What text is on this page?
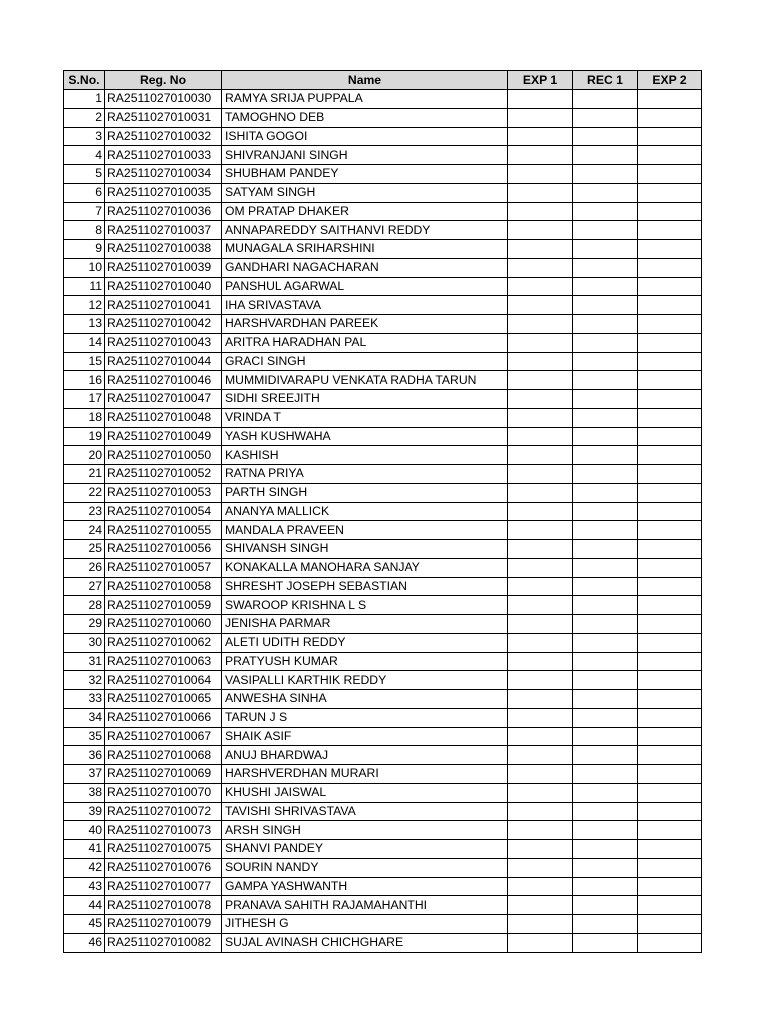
S.No.	Reg. No	Name	EXP 1	REC 1	EXP 2
1	RA2511027010030	RAMYA SRIJA PUPPALA			
2	RA2511027010031	TAMOGHNO DEB			
3	RA2511027010032	ISHITA GOGOI			
4	RA2511027010033	SHIVRANJANI SINGH			
5	RA2511027010034	SHUBHAM PANDEY			
6	RA2511027010035	SATYAM SINGH			
7	RA2511027010036	OM PRATAP DHAKER			
8	RA2511027010037	ANNAPAREDDY SAITHANVI REDDY			
9	RA2511027010038	MUNAGALA SRIHARSHINI			
10	RA2511027010039	GANDHARI NAGACHARAN			
11	RA2511027010040	PANSHUL AGARWAL			
12	RA2511027010041	IHA SRIVASTAVA			
13	RA2511027010042	HARSHVARDHAN PAREEK			
14	RA2511027010043	ARITRA HARADHAN PAL			
15	RA2511027010044	GRACI SINGH			
16	RA2511027010046	MUMMIDIVARAPU VENKATA RADHA TARUN			
17	RA2511027010047	SIDHI SREEJITH			
18	RA2511027010048	VRINDA T			
19	RA2511027010049	YASH KUSHWAHA			
20	RA2511027010050	KASHISH			
21	RA2511027010052	RATNA PRIYA			
22	RA2511027010053	PARTH SINGH			
23	RA2511027010054	ANANYA MALLICK			
24	RA2511027010055	MANDALA PRAVEEN			
25	RA2511027010056	SHIVANSH SINGH			
26	RA2511027010057	KONAKALLA MANOHARA SANJAY			
27	RA2511027010058	SHRESHT JOSEPH SEBASTIAN			
28	RA2511027010059	SWAROOP KRISHNA L S			
29	RA2511027010060	JENISHA PARMAR			
30	RA2511027010062	ALETI UDITH REDDY			
31	RA2511027010063	PRATYUSH KUMAR			
32	RA2511027010064	VASIPALLI KARTHIK REDDY			
33	RA2511027010065	ANWESHA SINHA			
34	RA2511027010066	TARUN J S			
35	RA2511027010067	SHAIK ASIF			
36	RA2511027010068	ANUJ BHARDWAJ			
37	RA2511027010069	HARSHVERDHAN MURARI			
38	RA2511027010070	KHUSHI JAISWAL			
39	RA2511027010072	TAVISHI SHRIVASTAVA			
40	RA2511027010073	ARSH SINGH			
41	RA2511027010075	SHANVI PANDEY			
42	RA2511027010076	SOURIN NANDY			
43	RA2511027010077	GAMPA YASHWANTH			
44	RA2511027010078	PRANAVA SAHITH RAJAMAHANTHI			
45	RA2511027010079	JITHESH G			
46	RA2511027010082	SUJAL AVINASH CHICHGHARE			
